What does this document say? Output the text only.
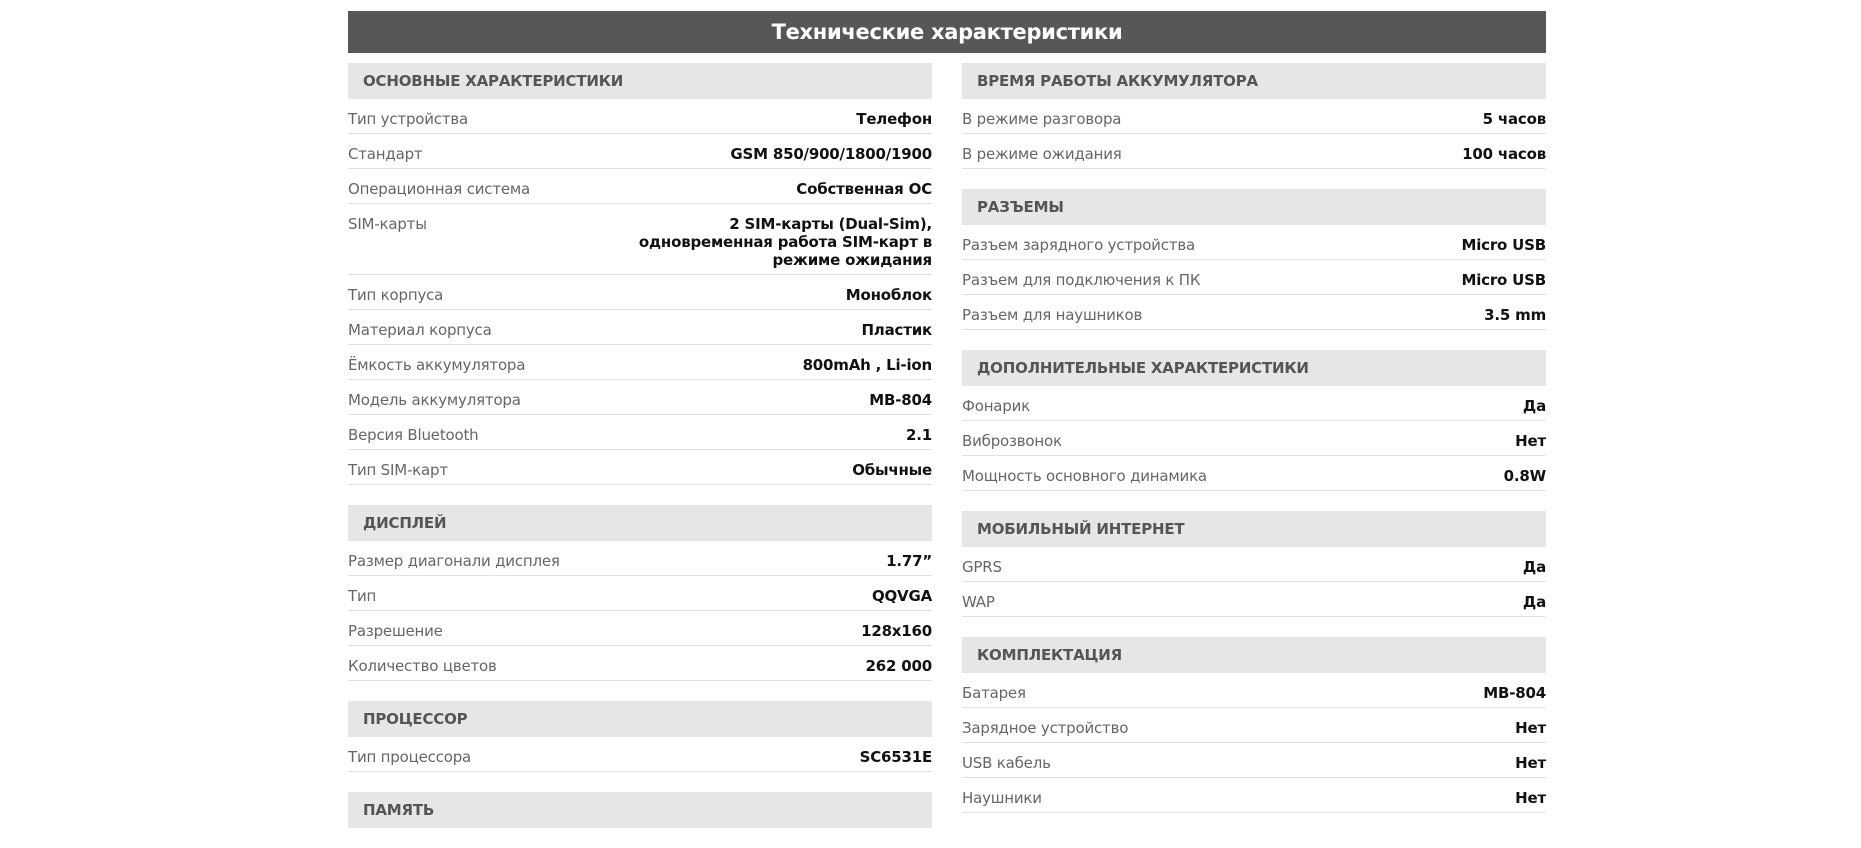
Технические характеристики
ОСНОВНЫЕ ХАРАКТЕРИСТИКИ
Тип устройства	Телефон
Стандарт	GSM 850/900/1800/1900
Операционная система	Собственная ОС
SIM-карты	2 SIM-карты (Dual-Sim), одновременная работа SIM-карт в режиме ожидания
Тип корпуса	Моноблок
Материал корпуса	Пластик
Ёмкость аккумулятора	800mAh , Li-ion
Модель аккумулятора	MB-804
Версия Bluetooth	2.1
Тип SIM-карт	Обычные
ДИСПЛЕЙ
Размер диагонали дисплея	1.77”
Тип	QQVGA
Разрешение	128x160
Количество цветов	262 000
ПРОЦЕССОР
Тип процессора	SC6531E
ПАМЯТЬ
ВРЕМЯ РАБОТЫ АККУМУЛЯТОРА
В режиме разговора	5 часов
В режиме ожидания	100 часов
РАЗЪЕМЫ
Разъем зарядного устройства	Micro USB
Разъем для подключения к ПК	Micro USB
Разъем для наушников	3.5 mm
ДОПОЛНИТЕЛЬНЫЕ ХАРАКТЕРИСТИКИ
Фонарик	Да
Виброзвонок	Нет
Мощность основного динамика	0.8W
МОБИЛЬНЫЙ ИНТЕРНЕТ
GPRS	Да
WAP	Да
КОМПЛЕКТАЦИЯ
Батарея	MB-804
Зарядное устройство	Нет
USB кабель	Нет
Наушники	Нет
